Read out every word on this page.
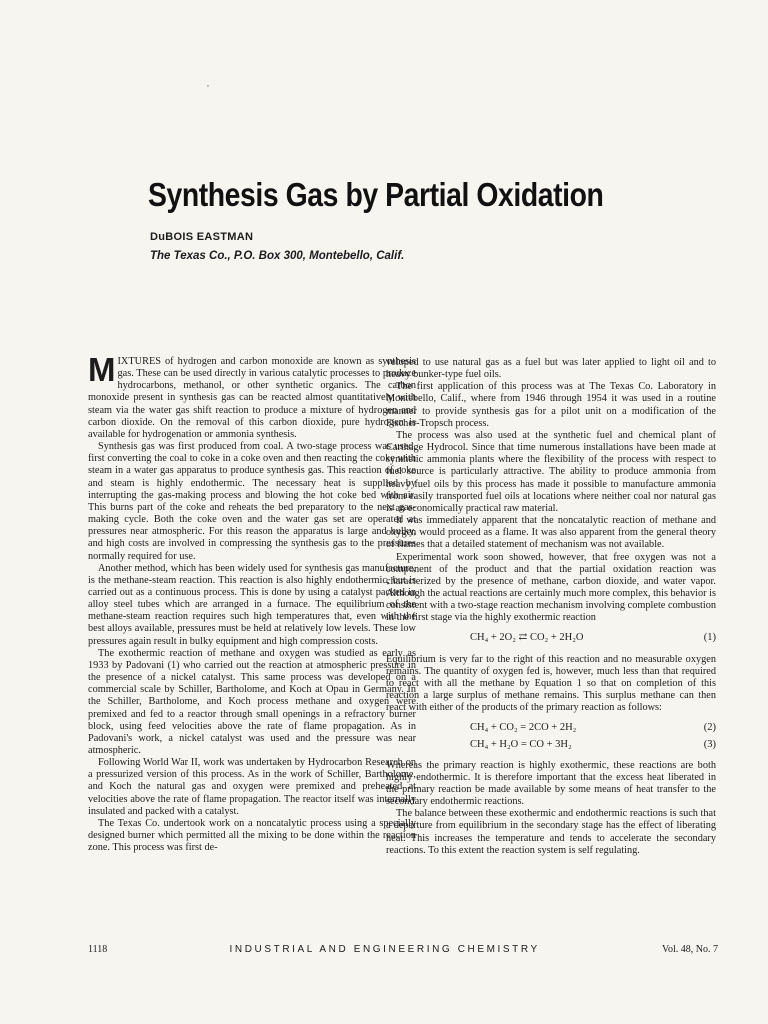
,
Synthesis Gas by Partial Oxidation
DuBOIS EASTMAN
The Texas Co., P.O. Box 300, Montebello, Calif.

MIXTURES of hydrogen and carbon monoxide are known as synthesis gas. These can be used directly in various catalytic processes to produce hydrocarbons, methanol, or other synthetic organics. The carbon monoxide present in synthesis gas can be reacted almost quantitatively with steam via the water gas shift reaction to produce a mixture of hydrogen and carbon dioxide. On the removal of this carbon dioxide, pure hydrogen is available for hydrogenation or ammonia synthesis.

Synthesis gas was first produced from coal. A two-stage process was used, first converting the coal to coke in a coke oven and then reacting the coke with steam in a water gas apparatus to produce synthesis gas. This reaction of coke and steam is highly endothermic. The necessary heat is supplied by interrupting the gas-making process and blowing the hot coke bed with air. This burns part of the coke and reheats the bed preparatory to the next gas-making cycle. Both the coke oven and the water gas set are operated at pressures near atmospheric. For this reason the apparatus is large and bulky, and high costs are involved in compressing the synthesis gas to the pressures normally required for use.

Another method, which has been widely used for synthesis gas manufacture, is the methane-steam reaction. This reaction is also highly endothermic, but is carried out as a continuous process. This is done by using a catalyst packed in alloy steel tubes which are arranged in a furnace. The equilibrium of the methane-steam reaction requires such high temperatures that, even with the best alloys available, pressures must be held at relatively low levels. These low pressures again result in bulky equipment and high compression costs.

The exothermic reaction of methane and oxygen was studied as early as 1933 by Padovani (1) who carried out the reaction at atmospheric pressure in the presence of a nickel catalyst. This same process was developed on a commercial scale by Schiller, Bartholome, and Koch at Opau in Germany. In the Schiller, Bartholome, and Koch process methane and oxygen were premixed and fed to a reactor through small openings in a refractory burner block, using feed velocities above the rate of flame propagation. As in Padovani's work, a nickel catalyst was used and the pressure was near atmospheric.

Following World War II, work was undertaken by Hydrocarbon Research on a pressurized version of this process. As in the work of Schiller, Bartholome, and Koch the natural gas and oxygen were premixed and preheated at velocities above the rate of flame propagation. The reactor itself was internally insulated and packed with a catalyst.

The Texas Co. undertook work on a noncatalytic process using a specially designed burner which permitted all the mixing to be done within the reaction zone. This process was first de-

veloped to use natural gas as a fuel but was later applied to light oil and to heavy bunker-type fuel oils.

The first application of this process was at The Texas Co. Laboratory in Montebello, Calif., where from 1946 through 1954 it was used in a routine manner to provide synthesis gas for a pilot unit on a modification of the Fischer-Tropsch process.

The process was also used at the synthetic fuel and chemical plant of Carthage Hydrocol. Since that time numerous installations have been made at synthetic ammonia plants where the flexibility of the process with respect to fuel source is particularly attractive. The ability to produce ammonia from heavy fuel oils by this process has made it possible to manufacture ammonia from easily transported fuel oils at locations where neither coal nor natural gas is an economically practical raw material.

It was immediately apparent that the noncatalytic reaction of methane and oxygen would proceed as a flame. It was also apparent from the general theory of flames that a detailed statement of mechanism was not available.

Experimental work soon showed, however, that free oxygen was not a component of the product and that the partial oxidation reaction was characterized by the presence of methane, carbon dioxide, and water vapor. Although the actual reactions are certainly much more complex, this behavior is consistent with a two-stage reaction mechanism involving complete combustion in the first stage via the highly exothermic reaction

CH₄ + 2O₂ ⇄ CO₂ + 2H₂O	(1)

Equilibrium is very far to the right of this reaction and no measurable oxygen remains. The quantity of oxygen fed is, however, much less than that required to react with all the methane by Equation 1 so that on completion of this reaction a large surplus of methane remains. This surplus methane can then react with either of the products of the primary reaction as follows:

CH₄ + CO₂ = 2CO + 2H₂	(2)
CH₄ + H₂O = CO + 3H₂	(3)

Whereas the primary reaction is highly exothermic, these reactions are both highly endothermic. It is therefore important that the excess heat liberated in the primary reaction be made available by some means of heat transfer to the secondary endothermic reactions.

The balance between these exothermic and endothermic reactions is such that a departure from equilibrium in the secondary stage has the effect of liberating heat. This increases the temperature and tends to accelerate the secondary reactions. To this extent the reaction system is self regulating.

1118	INDUSTRIAL AND ENGINEERING CHEMISTRY	Vol. 48, No. 7
